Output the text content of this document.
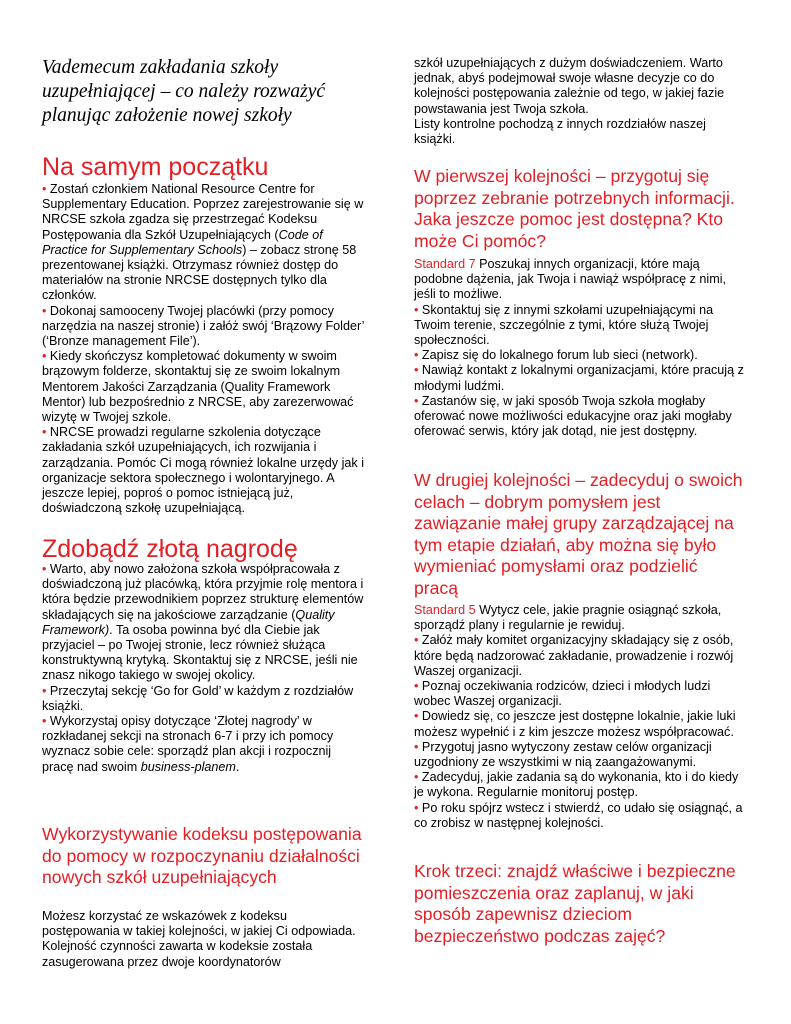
Vademecum zakładania szkoły uzupełniającej – co należy rozważyć planując założenie nowej szkoły
Na samym początku

• Zostań członkiem National Resource Centre for Supplementary Education. Poprzez zarejestrowanie się w NRCSE szkoła zgadza się przestrzegać Kodeksu Postępowania dla Szkół Uzupełniających (Code of Practice for Supplementary Schools) – zobacz stronę 58 prezentowanej książki. Otrzymasz również dostęp do materiałów na stronie NRCSE dostępnych tylko dla członków.

• Dokonaj samooceny Twojej placówki (przy pomocy narzędzia na naszej stronie) i załóż swój ‘Brązowy Folder’ (‘Bronze management File’).

• Kiedy skończysz kompletować dokumenty w swoim brązowym folderze, skontaktuj się ze swoim lokalnym Mentorem Jakości Zarządzania (Quality Framework Mentor) lub bezpośrednio z NRCSE, aby zarezerwować wizytę w Twojej szkole.

• NRCSE prowadzi regularne szkolenia dotyczące zakładania szkół uzupełniających, ich rozwijania i zarządzania. Pomóc Ci mogą również lokalne urzędy jak i organizacje sektora społecznego i wolontaryjnego. A jeszcze lepiej, poproś o pomoc istniejącą już, doświadczoną szkołę uzupełniającą.

Zdobądź złotą nagrodę

• Warto, aby nowo założona szkoła współpracowała z doświadczoną już placówką, która przyjmie rolę mentora i która będzie przewodnikiem poprzez strukturę elementów składających się na jakościowe zarządzanie (Quality Framework). Ta osoba powinna być dla Ciebie jak przyjaciel – po Twojej stronie, lecz również służąca konstruktywną krytyką. Skontaktuj się z NRCSE, jeśli nie znasz nikogo takiego w swojej okolicy.

• Przeczytaj sekcję ‘Go for Gold’ w każdym z rozdziałów książki.

• Wykorzystaj opisy dotyczące ‘Złotej nagrody’ w rozkładanej sekcji na stronach 6-7 i przy ich pomocy wyznacz sobie cele: sporządź plan akcji i rozpocznij pracę nad swoim business-planem.

Wykorzystywanie kodeksu postępowania do pomocy w rozpoczynaniu działalności nowych szkół uzupełniających

Możesz korzystać ze wskazówek z kodeksu postępowania w takiej kolejności, w jakiej Ci odpowiada. Kolejność czynności zawarta w kodeksie została zasugerowana przez dwoje koordynatorów

szkół uzupełniających z dużym doświadczeniem. Warto jednak, abyś podejmował swoje własne decyzje co do kolejności postępowania zależnie od tego, w jakiej fazie powstawania jest Twoja szkoła.

Listy kontrolne pochodzą z innych rozdziałów naszej książki.

W pierwszej kolejności – przygotuj się poprzez zebranie potrzebnych informacji. Jaka jeszcze pomoc jest dostępna? Kto może Ci pomóc?

Standard 7 Poszukaj innych organizacji, które mają podobne dążenia, jak Twoja i nawiąż współpracę z nimi, jeśli to możliwe.

• Skontaktuj się z innymi szkołami uzupełniającymi na Twoim terenie, szczególnie z tymi, które służą Twojej społeczności.

• Zapisz się do lokalnego forum lub sieci (network).

• Nawiąż kontakt z lokalnymi organizacjami, które pracują z młodymi ludźmi.

• Zastanów się, w jaki sposób Twoja szkoła mogłaby oferować nowe możliwości edukacyjne oraz jaki mogłaby oferować serwis, który jak dotąd, nie jest dostępny.

W drugiej kolejności – zadecyduj o swoich celach – dobrym pomysłem jest zawiązanie małej grupy zarządzającej na tym etapie działań, aby można się było wymieniać pomysłami oraz podzielić pracą

Standard 5 Wytycz cele, jakie pragnie osiągnąć szkoła, sporządź plany i regularnie je rewiduj.

• Załóż mały komitet organizacyjny składający się z osób, które będą nadzorować zakładanie, prowadzenie i rozwój Waszej organizacji.

• Poznaj oczekiwania rodziców, dzieci i młodych ludzi wobec Waszej organizacji.

• Dowiedz się, co jeszcze jest dostępne lokalnie, jakie luki możesz wypełnić i z kim jeszcze możesz współpracować.

• Przygotuj jasno wytyczony zestaw celów organizacji uzgodniony ze wszystkimi w nią zaangażowanymi.

• Zadecyduj, jakie zadania są do wykonania, kto i do kiedy je wykona. Regularnie monitoruj postęp.

• Po roku spójrz wstecz i stwierdź, co udało się osiągnąć, a co zrobisz w następnej kolejności.

Krok trzeci: znajdź właściwe i bezpieczne pomieszczenia oraz zaplanuj, w jaki sposób zapewnisz dzieciom bezpieczeństwo podczas zajęć?
